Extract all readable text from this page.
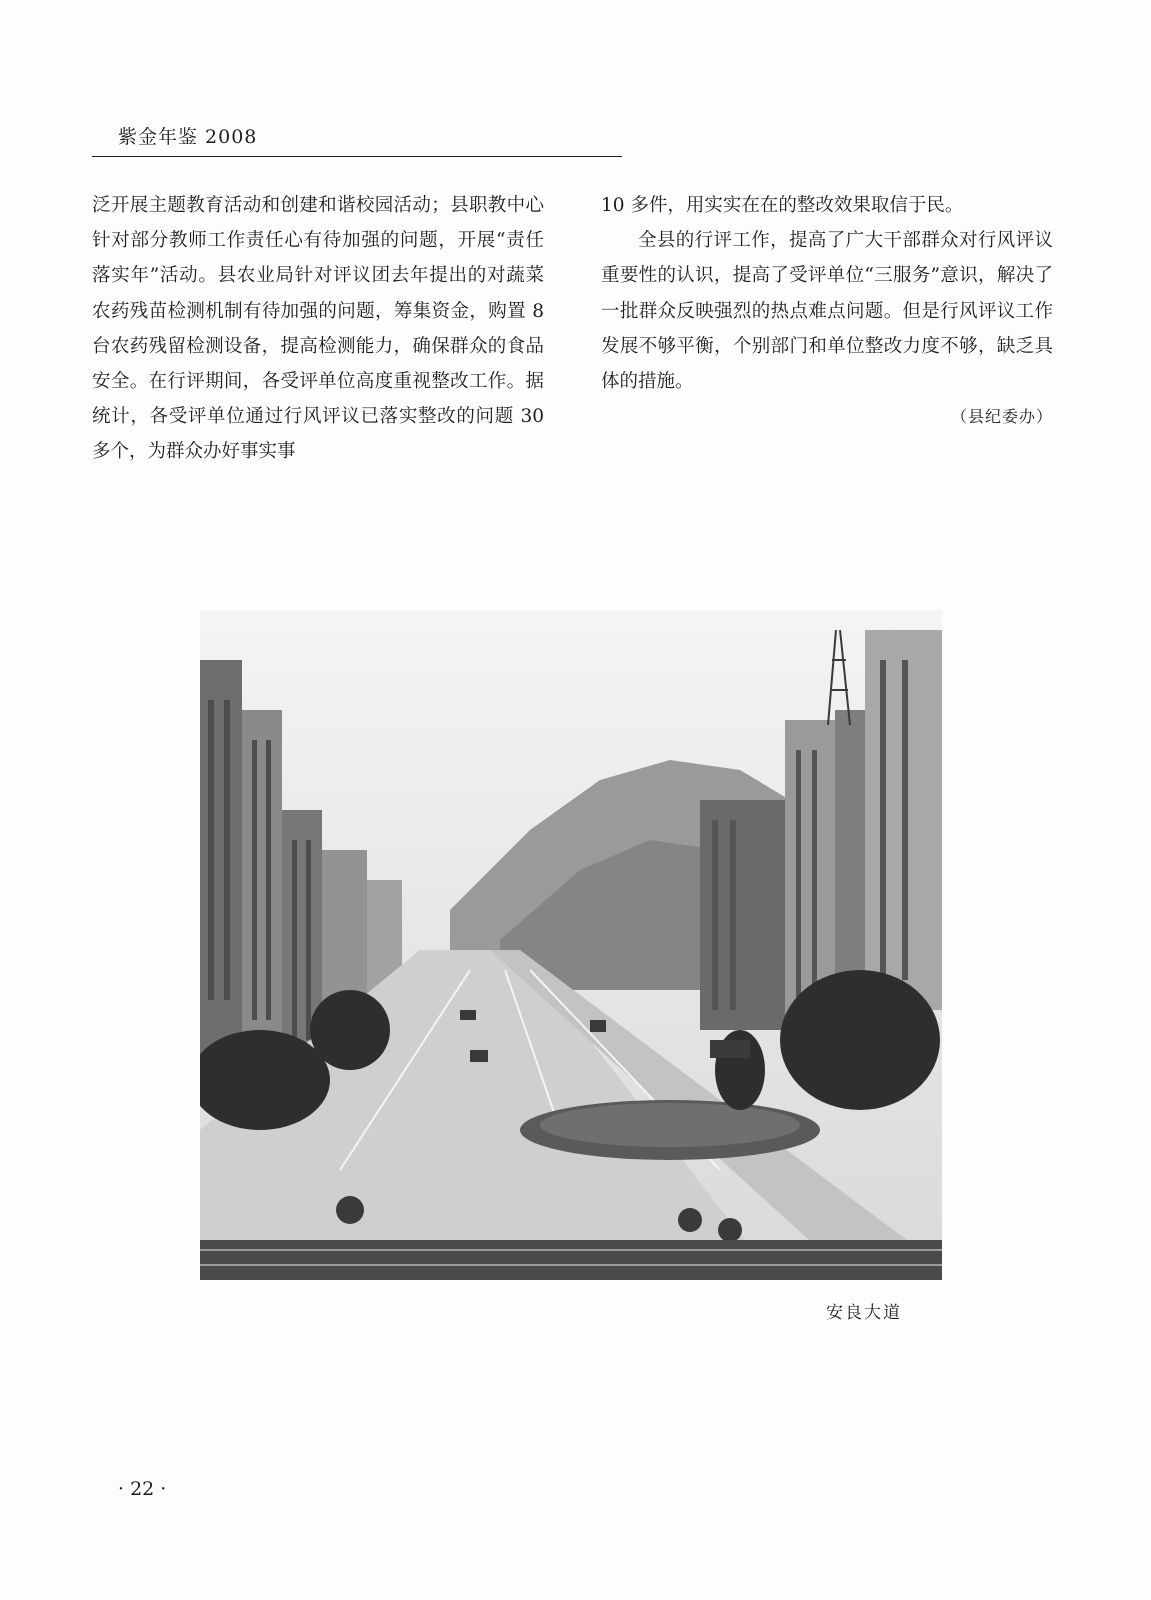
紫金年鉴 2008

泛开展主题教育活动和创建和谐校园活动；县职教中心针对部分教师工作责任心有待加强的问题，开展“责任落实年”活动。县农业局针对评议团去年提出的对蔬菜农药残苗检测机制有待加强的问题，筹集资金，购置 8 台农药残留检测设备，提高检测能力，确保群众的食品安全。在行评期间，各受评单位高度重视整改工作。据统计，各受评单位通过行风评议已落实整改的问题 30 多个，为群众办好事实事

10 多件，用实实在在的整改效果取信于民。

全县的行评工作，提高了广大干部群众对行风评议重要性的认识，提高了受评单位“三服务”意识，解决了一批群众反映强烈的热点难点问题。但是行风评议工作发展不够平衡，个别部门和单位整改力度不够，缺乏具体的措施。

（县纪委办）

安良大道
· 22 ·
